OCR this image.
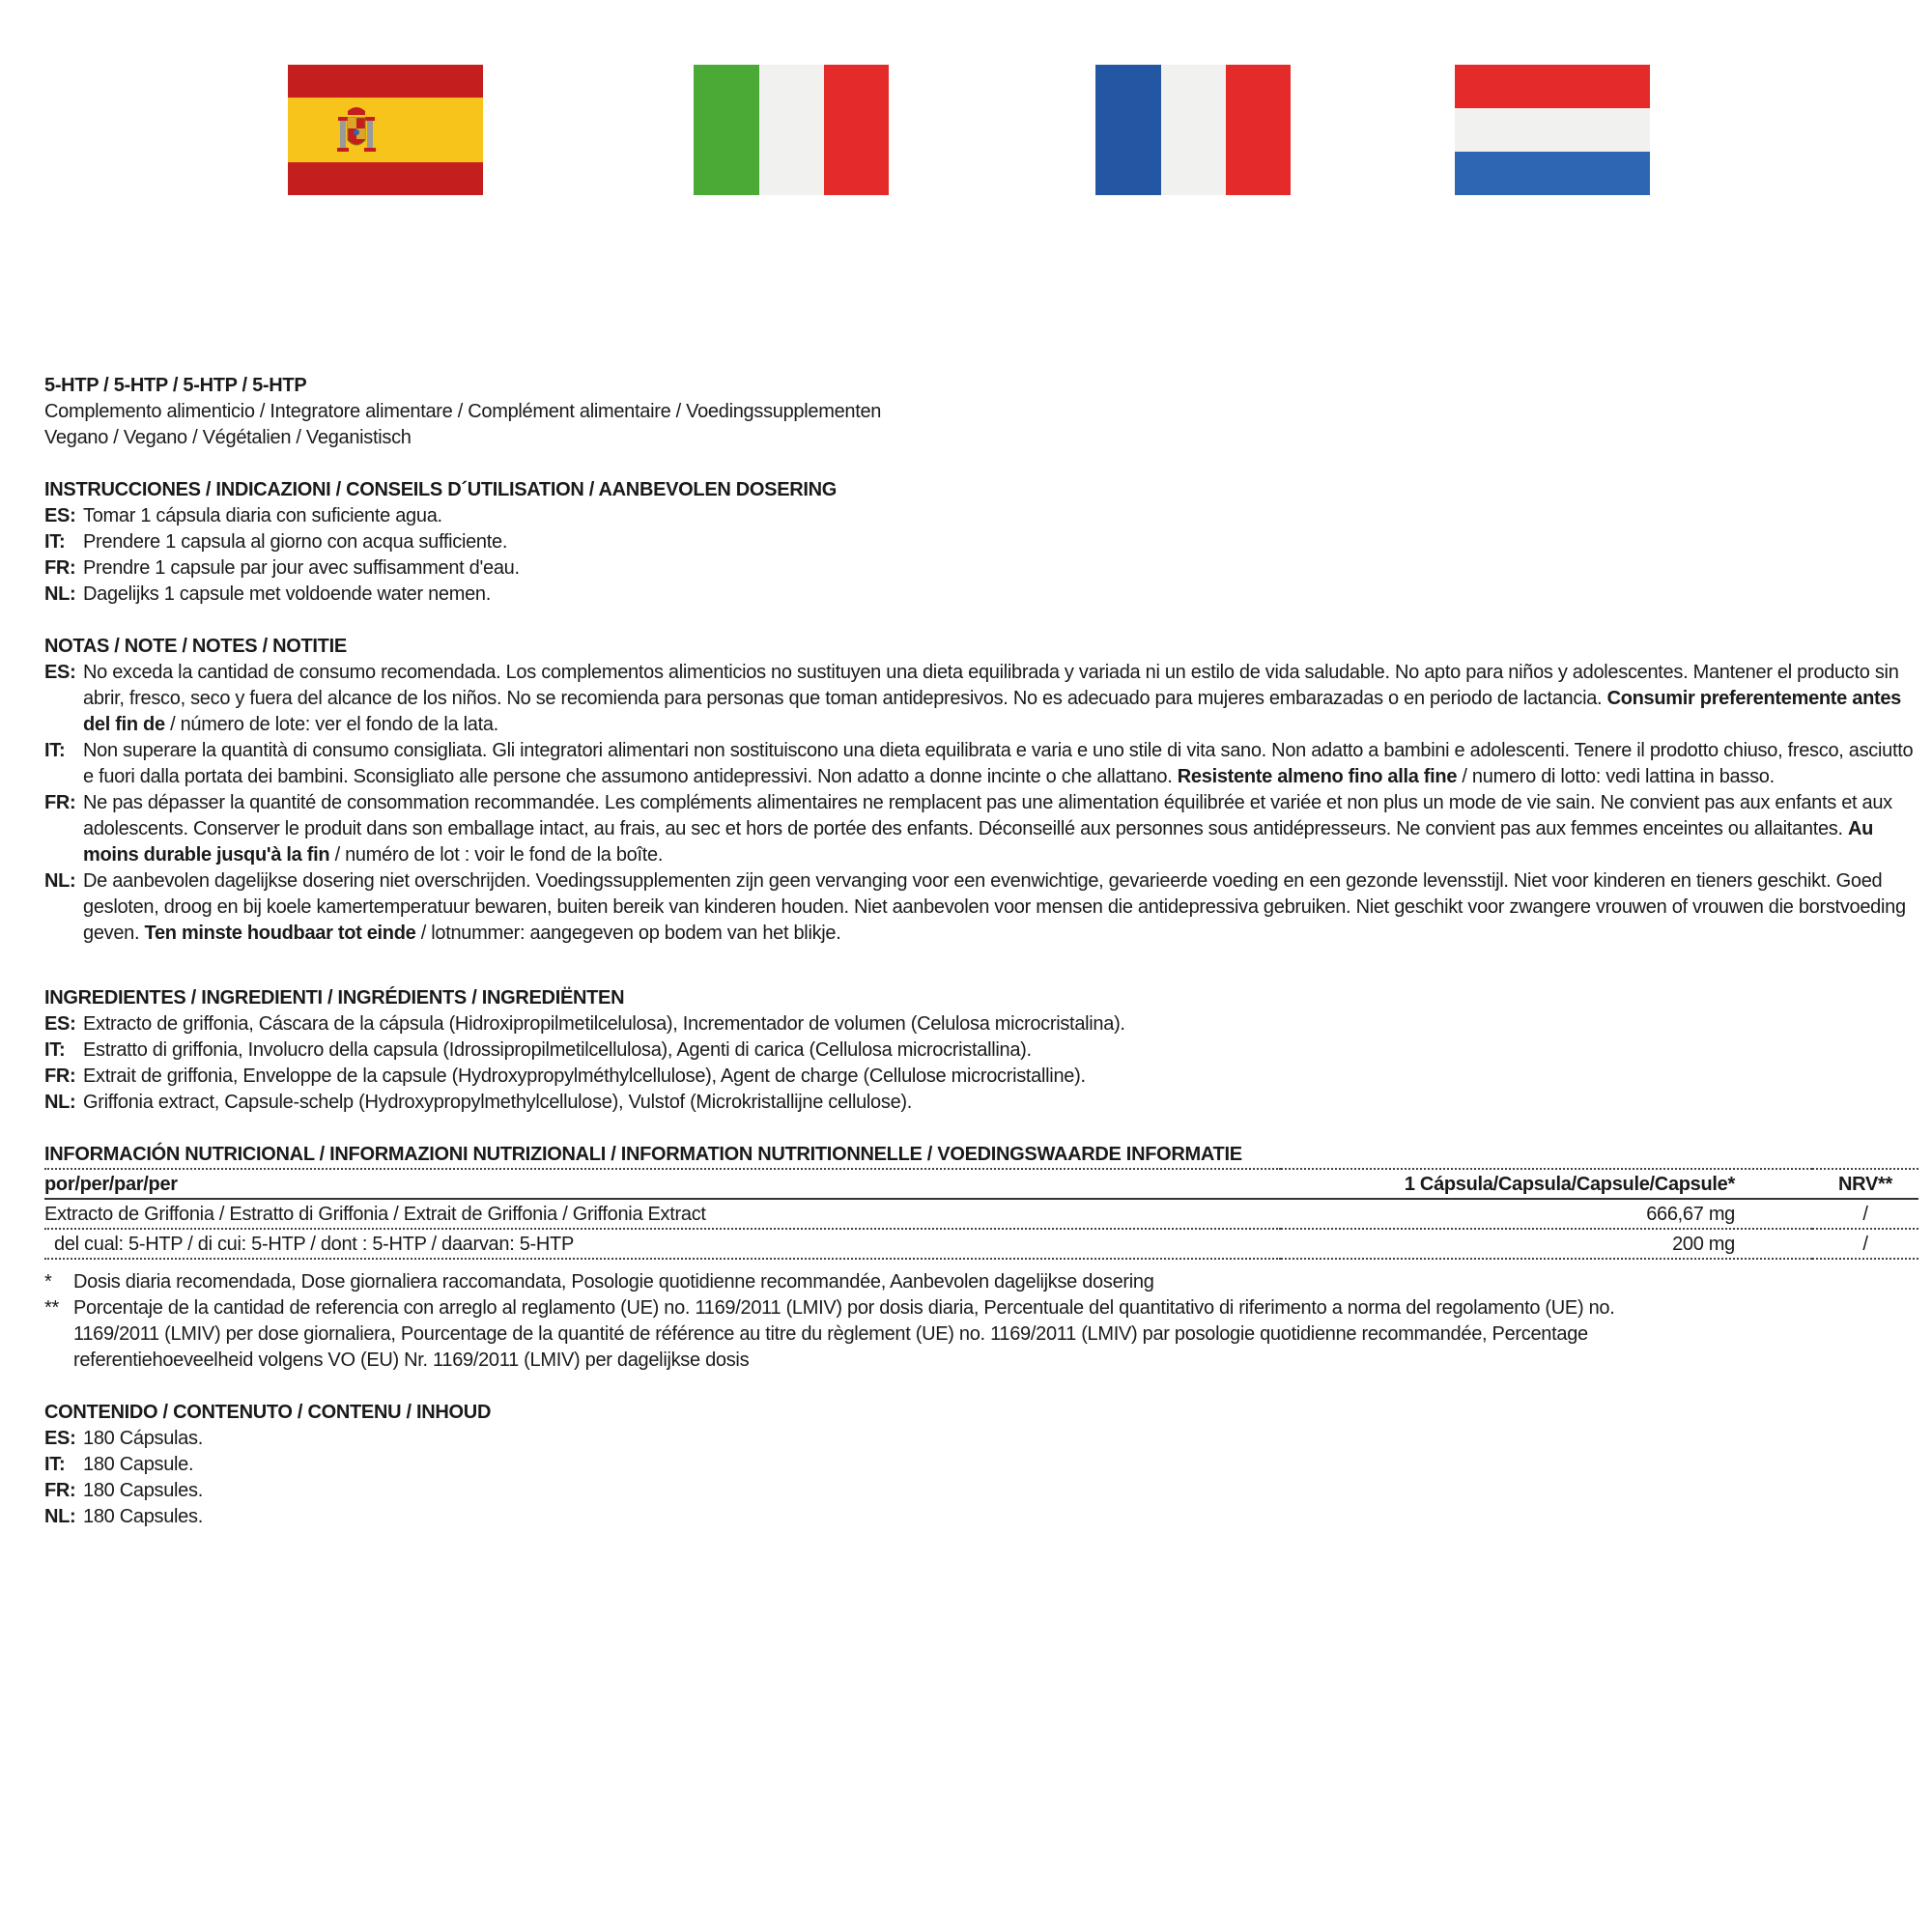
5-HTP / 5-HTP / 5-HTP / 5-HTP

Complemento alimenticio / Integratore alimentare / Complément alimentaire / Voedingssupplementen

Vegano / Vegano / Végétalien / Veganistisch

INSTRUCCIONES / INDICAZIONI / CONSEILS D´UTILISATION / AANBEVOLEN DOSERING

ES: Tomar 1 cápsula diaria con suficiente agua.
IT: Prendere 1 capsula al giorno con acqua sufficiente.
FR: Prendre 1 capsule par jour avec suffisamment d'eau.
NL: Dagelijks 1 capsule met voldoende water nemen.

NOTAS / NOTE / NOTES / NOTITIE

ES: No exceda la cantidad de consumo recomendada. Los complementos alimenticios no sustituyen una dieta equilibrada y variada ni un estilo de vida saludable. No apto para niños y adolescentes. Mantener el producto sin abrir, fresco, seco y fuera del alcance de los niños. No se recomienda para personas que toman antidepresivos. No es adecuado para mujeres embarazadas o en periodo de lactancia. Consumir preferentemente antes del fin de / número de lote: ver el fondo de la lata.
IT: Non superare la quantità di consumo consigliata. Gli integratori alimentari non sostituiscono una dieta equilibrata e varia e uno stile di vita sano. Non adatto a bambini e adolescenti. Tenere il prodotto chiuso, fresco, asciutto e fuori dalla portata dei bambini. Sconsigliato alle persone che assumono antidepressivi. Non adatto a donne incinte o che allattano. Resistente almeno fino alla fine / numero di lotto: vedi lattina in basso.
FR: Ne pas dépasser la quantité de consommation recommandée. Les compléments alimentaires ne remplacent pas une alimentation équilibrée et variée et non plus un mode de vie sain. Ne convient pas aux enfants et aux adolescents. Conserver le produit dans son emballage intact, au frais, au sec et hors de portée des enfants. Déconseillé aux personnes sous antidépresseurs. Ne convient pas aux femmes enceintes ou allaitantes. Au moins durable jusqu'à la fin / numéro de lot : voir le fond de la boîte.
NL: De aanbevolen dagelijkse dosering niet overschrijden. Voedingssupplementen zijn geen vervanging voor een evenwichtige, gevarieerde voeding en een gezonde levensstijl. Niet voor kinderen en tieners geschikt. Goed gesloten, droog en bij koele kamertemperatuur bewaren, buiten bereik van kinderen houden. Niet aanbevolen voor mensen die antidepressiva gebruiken. Niet geschikt voor zwangere vrouwen of vrouwen die borstvoeding geven. Ten minste houdbaar tot einde / lotnummer: aangegeven op bodem van het blikje.

INGREDIENTES / INGREDIENTI / INGRÉDIENTS / INGREDIËNTEN

ES: Extracto de griffonia, Cáscara de la cápsula (Hidroxipropilmetilcelulosa), Incrementador de volumen (Celulosa microcristalina).
IT: Estratto di griffonia, Involucro della capsula (Idrossipropilmetilcellulosa), Agenti di carica (Cellulosa microcristallina).
FR: Extrait de griffonia, Enveloppe de la capsule (Hydroxypropylméthylcellulose), Agent de charge (Cellulose microcristalline).
NL: Griffonia extract, Capsule-schelp (Hydroxypropylmethylcellulose), Vulstof (Microkristallijne cellulose).

INFORMACIÓN NUTRICIONAL / INFORMAZIONI NUTRIZIONALI / INFORMATION NUTRITIONNELLE / VOEDINGSWAARDE INFORMATIE

por/per/par/per	1 Cápsula/Capsula/Capsule/Capsule*	NRV**
Extracto de Griffonia / Estratto di Griffonia / Extrait de Griffonia / Griffonia Extract	666,67 mg	/
del cual: 5-HTP / di cui: 5-HTP / dont : 5-HTP / daarvan: 5-HTP	200 mg	/
*	Dosis diaria recomendada, Dose giornaliera raccomandata, Posologie quotidienne recommandée, Aanbevolen dagelijkse dosering
** Porcentaje de la cantidad de referencia con arreglo al reglamento (UE) no. 1169/2011 (LMIV) por dosis diaria, Percentuale del quantitativo di riferimento a norma del regolamento (UE) no. 1169/2011 (LMIV) per dose giornaliera, Pourcentage de la quantité de référence au titre du règlement (UE) no. 1169/2011 (LMIV) par posologie quotidienne recommandée, Percentage referentiehoeveelheid volgens VO (EU) Nr. 1169/2011 (LMIV) per dagelijkse dosis

CONTENIDO / CONTENUTO / CONTENU / INHOUD

ES: 180 Cápsulas.
IT: 180 Capsule.
FR: 180 Capsules.
NL: 180 Capsules.
